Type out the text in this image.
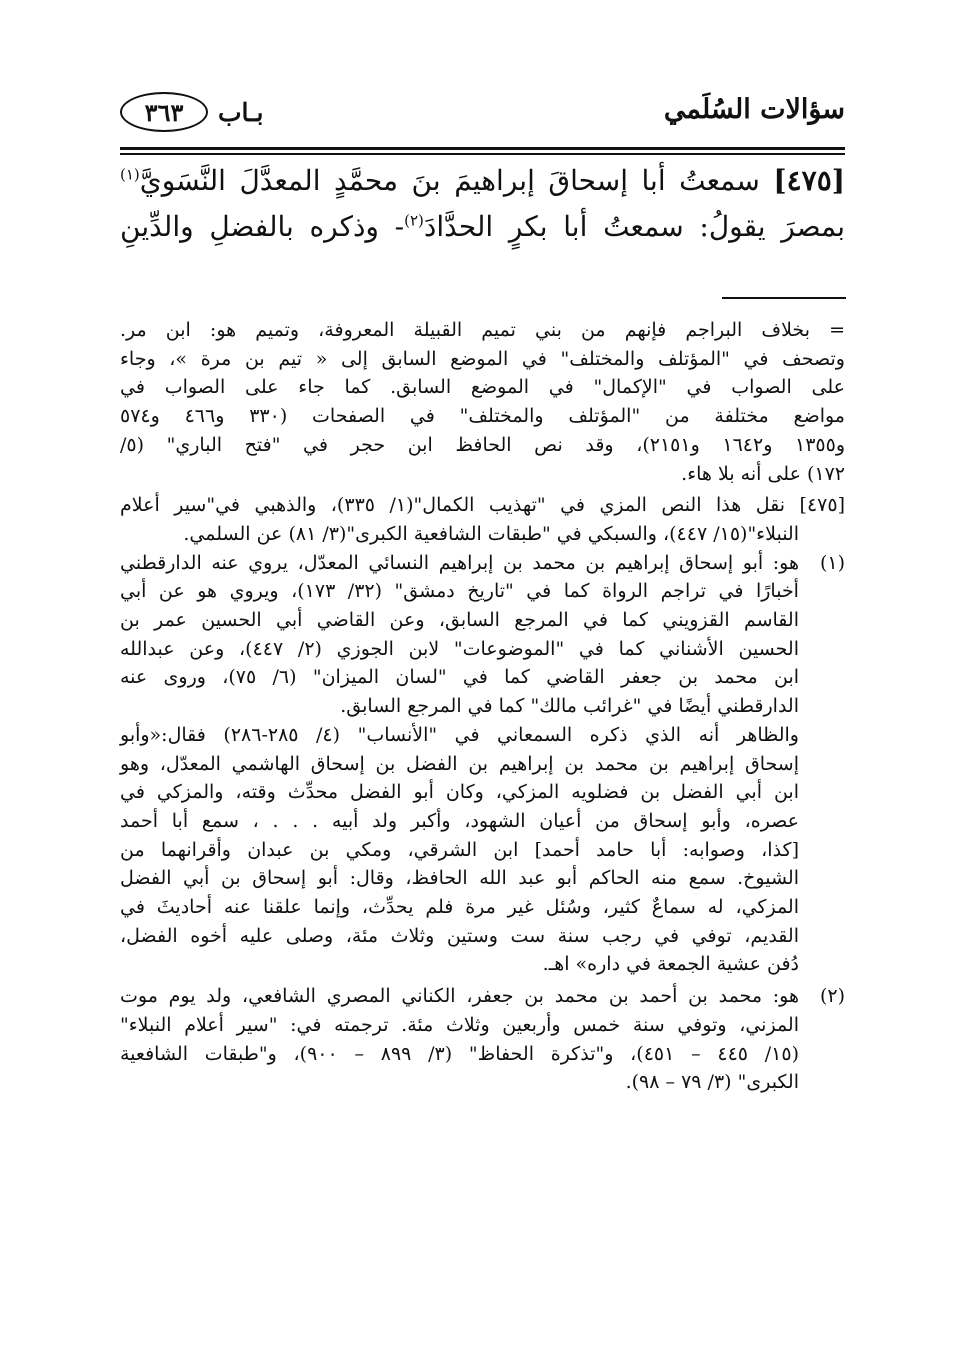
سؤالات السُلَمي
بـاب
٣٦٣
[٤٧٥] سمعتُ أبا إسحاقَ إبراهيمَ بنَ محمَّدٍ المعدَّلَ النَّسَويَّ$^{(١)}$
بمصرَ يقولُ: سمعتُ أبا بكرٍ الحدَّادَ$^{(٢)}$- وذكره بالفضلِ والدِّينِ
= بخلاف البراجم فإنهم من بني تميم القبيلة المعروفة، وتميم هو: ابن مر.
وتصحف في "المؤتلف والمختلف" في الموضع السابق إلى « تيم بن مرة »، وجاء
على الصواب في "الإكمال" في الموضع السابق. كما جاء على الصواب في
مواضع مختلفة من "المؤتلف والمختلف" في الصفحات (٣٣٠ و٤٦٦ و٥٧٤
و١٣٥٥ و١٦٤٢ و٢١٥١)، وقد نص الحافظ ابن حجر في "فتح الباري" (٥/
١٧٢) على أنه بلا هاء.
[٤٧٥] نقل هذا النص المزي في "تهذيب الكمال"(١/ ٣٣٥)، والذهبي في"سير أعلام
النبلاء"(١٥/ ٤٤٧)، والسبكي في "طبقات الشافعية الكبرى"(٣/ ٨١) عن السلمي.
(١)
هو: أبو إسحاق إبراهيم بن محمد بن إبراهيم النسائي المعدّل، يروي عنه الدارقطني
أخبارًا في تراجم الرواة كما في "تاريخ دمشق" (٣٢/ ١٧٣)، ويروي هو عن أبي
القاسم القزويني كما في المرجع السابق، وعن القاضي أبي الحسين عمر بن
الحسين الأشناني كما في "الموضوعات" لابن الجوزي (٢/ ٤٤٧)، وعن عبدالله
ابن محمد بن جعفر القاضي كما في "لسان الميزان" (٦/ ٧٥)، وروى عنه
الدارقطني أيضًا في "غرائب مالك" كما في المرجع السابق.
والظاهر أنه الذي ذكره السمعاني في "الأنساب" (٤/ ٢٨٥-٢٨٦) فقال:«وأبو
إسحاق إبراهيم بن محمد بن إبراهيم بن الفضل بن إسحاق الهاشمي المعدّل، وهو
ابن أبي الفضل بن فضلويه المزكي، وكان أبو الفضل محدِّث وقته، والمزكي في
عصره، وأبو إسحاق من أعيان الشهود، وأكبر ولد أبيه . . . ، سمع أبا أحمد
[كذا، وصوابه: أبا حامد أحمد] ابن الشرقي، ومكي بن عبدان وأقرانهما من
الشيوخ. سمع منه الحاكم أبو عبد الله الحافظ، وقال: أبو إسحاق بن أبي الفضل
المزكي، له سماعٌ كثير، وسُئل غير مرة فلم يحدِّث، وإنما علقنا عنه أحاديثَ في
القديم، توفي في رجب سنة ست وستين وثلاث مئة، وصلى عليه أخوه الفضل،
دُفن عشية الجمعة في داره» اهـ.
(٢)
هو: محمد بن أحمد بن محمد بن جعفر، الكناني المصري الشافعي، ولد يوم موت
المزني، وتوفي سنة خمس وأربعين وثلاث مئة. ترجمته في: "سير أعلام النبلاء"
(١٥/ ٤٤٥ – ٤٥١)، و"تذكرة الحفاظ" (٣/ ٨٩٩ – ٩٠٠)، و"طبقات الشافعية
الكبرى" (٣/ ٧٩ – ٩٨).
